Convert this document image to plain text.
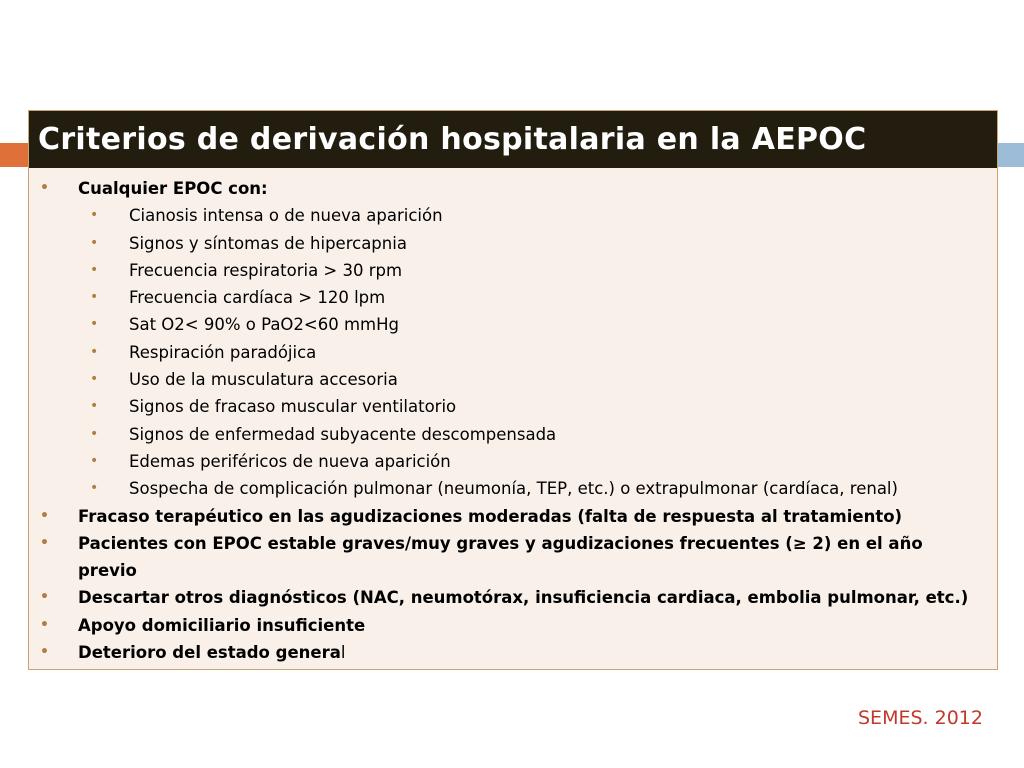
Criterios de derivación hospitalaria en la AEPOC
• Cualquier EPOC con:
• Cianosis intensa o de nueva aparición
• Signos y síntomas de hipercapnia
• Frecuencia respiratoria > 30 rpm
• Frecuencia cardíaca > 120 lpm
• Sat O2< 90% o PaO2<60 mmHg
• Respiración paradójica
• Uso de la musculatura accesoria
• Signos de fracaso muscular ventilatorio
• Signos de enfermedad subyacente descompensada
• Edemas periféricos de nueva aparición
• Sospecha de complicación pulmonar (neumonía, TEP, etc.) o extrapulmonar (cardíaca, renal)
• Fracaso terapéutico en las agudizaciones moderadas (falta de respuesta al tratamiento)
• Pacientes con EPOC estable graves/muy graves y agudizaciones frecuentes (≥ 2) en el año previo
• Descartar otros diagnósticos (NAC, neumotórax, insuficiencia cardiaca, embolia pulmonar, etc.)
• Apoyo domiciliario insuficiente
• Deterioro del estado general
SEMES. 2012
